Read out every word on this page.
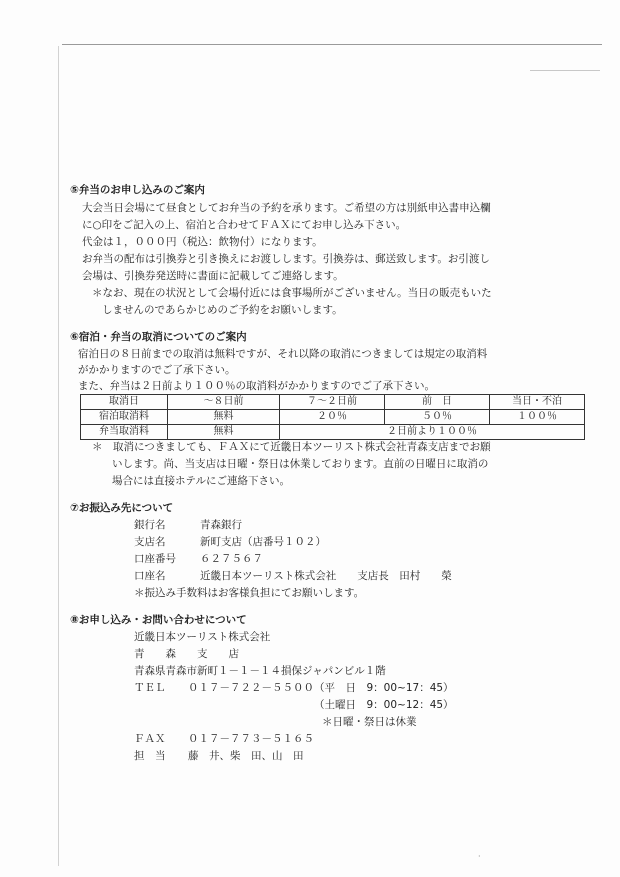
⑤弁当のお申し込みのご案内
大会当日会場にて昼食としてお弁当の予約を承ります。ご希望の方は別紙申込書申込欄
に○印をご記入の上、宿泊と合わせてＦＡＸにてお申し込み下さい。
代金は１，０００円（税込：飲物付）になります。
お弁当の配布は引換券と引き換えにお渡しします。引換券は、郵送致します。お引渡し
会場は、引換券発送時に書面に記載してご連絡します。
＊なお、現在の状況として会場付近には食事場所がございません。当日の販売もいた
しませんのであらかじめのご予約をお願いします。
⑥宿泊・弁当の取消についてのご案内
宿泊日の８日前までの取消は無料ですが、それ以降の取消につきましては規定の取消料
がかかりますのでご了承下さい。
また、弁当は２日前より１００％の取消料がかかりますのでご了承下さい。
取消日	～８日前	７～２日前	前　日	当日・不泊
宿泊取消料	無料	２０％	５０％	１００％
弁当取消料	無料	２日前より１００％		
＊　取消につきましても、ＦＡＸにて近畿日本ツーリスト株式会社青森支店までお願
いします。尚、当支店は日曜・祭日は休業しております。直前の日曜日に取消の
場合には直接ホテルにご連絡下さい。
⑦お振込み先について
銀行名	青森銀行
支店名	新町支店（店番号１０２）
口座番号 ６２７５６７
口座名	近畿日本ツーリスト株式会社　　支店長　田村　　榮
＊振込み手数料はお客様負担にてお願いします。
⑧お申し込み・お問い合わせについて
近畿日本ツーリスト株式会社
青　　森　　支　　店
青森県青森市新町１－１－１４損保ジャパンビル１階
ＴＥＬ ０１７－７２２－５５００（平　日　9：00~17：45）
（土曜日　9：00~12：45）
＊日曜・祭日は休業
ＦＡＸ ０１７－７７３－５１６５
担　当 藤　井、柴　田、山　田
·
